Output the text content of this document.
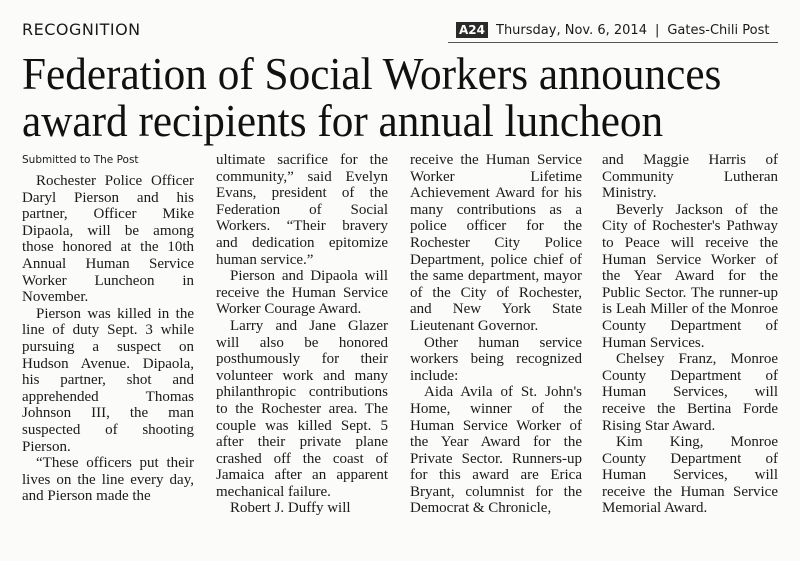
RECOGNITION	A24 Thursday, Nov. 6, 2014 | Gates-Chili Post
Federation of Social Workers announces award recipients for annual luncheon
Submitted to The Post

Rochester Police Officer Daryl Pierson and his partner, Officer Mike Dipaola, will be among those honored at the 10th Annual Human Service Worker Luncheon in November.

Pierson was killed in the line of duty Sept. 3 while pursuing a suspect on Hudson Avenue. Dipaola, his partner, shot and apprehended Thomas Johnson III, the man suspected of shooting Pierson.

“These officers put their lives on the line every day, and Pierson made the

ultimate sacrifice for the community,” said Evelyn Evans, president of the Federation of Social Workers. “Their bravery and dedication epitomize human service.”

Pierson and Dipaola will receive the Human Service Worker Courage Award.

Larry and Jane Glazer will also be honored posthumously for their volunteer work and many philanthropic contributions to the Rochester area. The couple was killed Sept. 5 after their private plane crashed off the coast of Jamaica after an apparent mechanical failure.

Robert J. Duffy will

receive the Human Service Worker Lifetime Achievement Award for his many contributions as a police officer for the Rochester City Police Department, police chief of the same department, mayor of the City of Rochester, and New York State Lieutenant Governor.

Other human service workers being recognized include:

Aida Avila of St. John's Home, winner of the Human Service Worker of the Year Award for the Private Sector. Runners-up for this award are Erica Bryant, columnist for the Democrat & Chronicle,

and Maggie Harris of Community Lutheran Ministry.

Beverly Jackson of the City of Rochester's Pathway to Peace will receive the Human Service Worker of the Year Award for the Public Sector. The runner-up is Leah Miller of the Monroe County Department of Human Services.

Chelsey Franz, Monroe County Department of Human Services, will receive the Bertina Forde Rising Star Award.

Kim King, Monroe County Department of Human Services, will receive the Human Service Memorial Award.
